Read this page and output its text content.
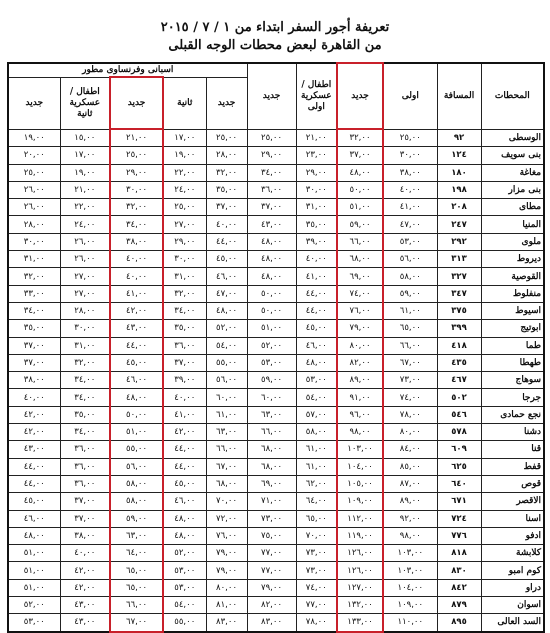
تعريفة أجور السفر ابتداء من ١ / ٧ / ٢٠١٥
من القاهرة لبعض محطات الوجه القبلى
المحطات	المسافة	اولى	جديد	اطفال /عسكرية اولى	جديد	اسبانى وفرنساوى مطور				
						جديد	ثانية	جديد	اطفال /عسكرية ثانية	جديد
الوسطى	٩٢	٢٥,٠٠	٣٢,٠٠	٢١,٠٠	٢٥,٠٠	٢٥,٠٠	١٧,٠٠	٢١,٠٠	١٥,٠٠	١٩,٠٠
بنى سويف	١٢٤	٣٠,٠٠	٣٧,٠٠	٢٣,٠٠	٢٩,٠٠	٢٨,٠٠	١٩,٠٠	٢٥,٠٠	١٧,٠٠	٢٠,٠٠
مغاغة	١٨٠	٣٨,٠٠	٤٨,٠٠	٢٩,٠٠	٣٤,٠٠	٣٢,٠٠	٢٢,٠٠	٢٩,٠٠	١٩,٠٠	٢٥,٠٠
بنى مزار	١٩٨	٤٠,٠٠	٥٠,٠٠	٣٠,٠٠	٣٦,٠٠	٣٥,٠٠	٢٤,٠٠	٣٠,٠٠	٢١,٠٠	٢٦,٠٠
مطاى	٢٠٨	٤١,٠٠	٥١,٠٠	٣١,٠٠	٣٧,٠٠	٣٧,٠٠	٢٥,٠٠	٣٢,٠٠	٢٢,٠٠	٢٦,٠٠
المنيا	٢٤٧	٤٧,٠٠	٥٩,٠٠	٣٥,٠٠	٤٣,٠٠	٤٠,٠٠	٢٧,٠٠	٣٤,٠٠	٢٤,٠٠	٢٨,٠٠
ملوى	٢٩٢	٥٣,٠٠	٦٦,٠٠	٣٩,٠٠	٤٨,٠٠	٤٤,٠٠	٢٩,٠٠	٣٨,٠٠	٢٦,٠٠	٣٠,٠٠
ديروط	٣١٣	٥٦,٠٠	٦٨,٠٠	٤٠,٠٠	٤٨,٠٠	٤٥,٠٠	٣٠,٠٠	٤٠,٠٠	٢٦,٠٠	٣١,٠٠
القوصية	٣٢٧	٥٨,٠٠	٦٩,٠٠	٤١,٠٠	٤٨,٠٠	٤٦,٠٠	٣١,٠٠	٤٠,٠٠	٢٧,٠٠	٣٢,٠٠
منفلوط	٣٤٧	٥٩,٠٠	٧٤,٠٠	٤٤,٠٠	٥٠,٠٠	٤٧,٠٠	٣٢,٠٠	٤١,٠٠	٢٧,٠٠	٣٣,٠٠
اسيوط	٣٧٥	٦١,٠٠	٧٦,٠٠	٤٤,٠٠	٥٠,٠٠	٤٨,٠٠	٣٤,٠٠	٤٢,٠٠	٢٨,٠٠	٣٤,٠٠
ابوتيج	٣٩٩	٦٥,٠٠	٧٩,٠٠	٤٥,٠٠	٥١,٠٠	٥٢,٠٠	٣٥,٠٠	٤٣,٠٠	٣٠,٠٠	٣٥,٠٠
طما	٤١٨	٦٦,٠٠	٨٠,٠٠	٤٦,٠٠	٥٢,٠٠	٥٤,٠٠	٣٦,٠٠	٤٤,٠٠	٣١,٠٠	٣٧,٠٠
طهطا	٤٣٥	٦٧,٠٠	٨٢,٠٠	٤٨,٠٠	٥٣,٠٠	٥٥,٠٠	٣٧,٠٠	٤٥,٠٠	٣٢,٠٠	٣٧,٠٠
سوهاج	٤٦٧	٧٣,٠٠	٨٩,٠٠	٥٣,٠٠	٥٩,٠٠	٥٦,٠٠	٣٩,٠٠	٤٦,٠٠	٣٤,٠٠	٣٨,٠٠
جرجا	٥٠٢	٧٤,٠٠	٩١,٠٠	٥٤,٠٠	٦٠,٠٠	٦٠,٠٠	٤٠,٠٠	٤٨,٠٠	٣٤,٠٠	٤٠,٠٠
نجع حمادى	٥٤٦	٧٨,٠٠	٩٦,٠٠	٥٧,٠٠	٦٣,٠٠	٦١,٠٠	٤١,٠٠	٥٠,٠٠	٣٥,٠٠	٤٢,٠٠
دشنا	٥٧٨	٨٠,٠٠	٩٨,٠٠	٥٨,٠٠	٦٦,٠٠	٦٣,٠٠	٤٢,٠٠	٥١,٠٠	٣٤,٠٠	٤٢,٠٠
قنا	٦٠٩	٨٤,٠٠	١٠٣,٠٠	٦١,٠٠	٦٨,٠٠	٦٦,٠٠	٤٤,٠٠	٥٥,٠٠	٣٦,٠٠	٤٣,٠٠
قفط	٦٢٥	٨٥,٠٠	١٠٤,٠٠	٦١,٠٠	٦٨,٠٠	٦٧,٠٠	٤٤,٠٠	٥٦,٠٠	٣٦,٠٠	٤٤,٠٠
قوص	٦٤٠	٨٧,٠٠	١٠٥,٠٠	٦٢,٠٠	٦٩,٠٠	٦٨,٠٠	٤٥,٠٠	٥٨,٠٠	٣٦,٠٠	٤٤,٠٠
الاقصر	٦٧١	٨٩,٠٠	١٠٩,٠٠	٦٤,٠٠	٧١,٠٠	٧٠,٠٠	٤٦,٠٠	٥٨,٠٠	٣٧,٠٠	٤٥,٠٠
اسنا	٧٢٤	٩٢,٠٠	١١٢,٠٠	٦٥,٠٠	٧٣,٠٠	٧٢,٠٠	٤٨,٠٠	٥٩,٠٠	٣٧,٠٠	٤٦,٠٠
ادفو	٧٧٦	٩٨,٠٠	١١٩,٠٠	٧٠,٠٠	٧٥,٠٠	٧٦,٠٠	٤٨,٠٠	٦٣,٠٠	٣٨,٠٠	٤٨,٠٠
كلابشة	٨١٨	١٠٣,٠٠	١٢٦,٠٠	٧٣,٠٠	٧٧,٠٠	٧٩,٠٠	٥٢,٠٠	٦٤,٠٠	٤٠,٠٠	٥١,٠٠
كوم امبو	٨٣٠	١٠٣,٠٠	١٢٦,٠٠	٧٣,٠٠	٧٧,٠٠	٧٩,٠٠	٥٣,٠٠	٦٥,٠٠	٤٢,٠٠	٥١,٠٠
دراو	٨٤٢	١٠٤,٠٠	١٢٧,٠٠	٧٤,٠٠	٧٩,٠٠	٨٠,٠٠	٥٣,٠٠	٦٥,٠٠	٤٢,٠٠	٥١,٠٠
اسوان	٨٧٩	١٠٩,٠٠	١٣٢,٠٠	٧٧,٠٠	٨٢,٠٠	٨١,٠٠	٥٤,٠٠	٦٦,٠٠	٤٣,٠٠	٥٢,٠٠
السد العالى	٨٩٥	١١٠,٠٠	١٣٣,٠٠	٧٨,٠٠	٨٣,٠٠	٨٣,٠٠	٥٥,٠٠	٦٧,٠٠	٤٣,٠٠	٥٣,٠٠
